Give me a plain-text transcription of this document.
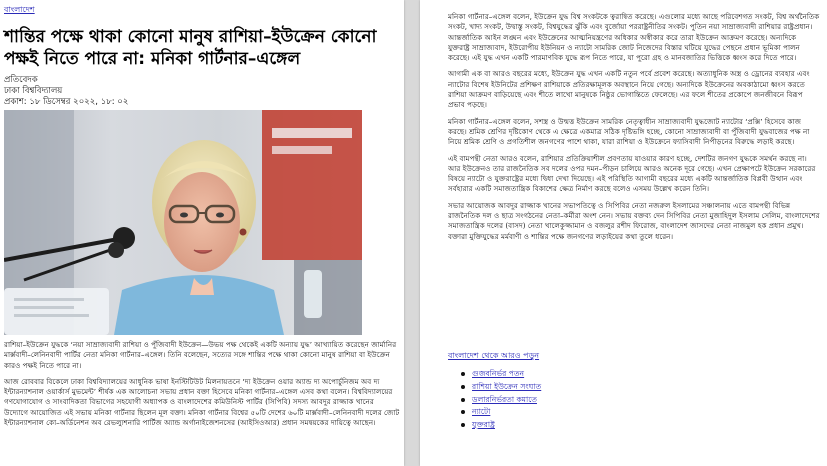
বাংলাদেশ
শান্তির পক্ষে থাকা কোনো মানুষ রাশিয়া–ইউক্রেন কোনো পক্ষই নিতে পারে না: মনিকা গার্টনার–এঙ্গেল
প্রতিবেদক
ঢাকা বিশ্ববিদ্যালয়
প্রকাশ: ১৮ ডিসেম্বর ২০২২, ১৮: ০২

রাশিয়া–ইউক্রেন যুদ্ধকে ‘নয়া সাম্রাজ্যবাদী রাশিয়া ও পুঁজিবাদী ইউক্রেন—উভয় পক্ষ থেকেই একটি অন্যায় যুদ্ধ’ আখ্যায়িত করেছেন জার্মানির মার্ক্সবাদী–লেনিনবাদী পার্টির নেতা মনিকা গার্টনার–এঙ্গেল। তিনি বলেছেন, সত্যের সঙ্গে শান্তির পক্ষে থাকা কোনো মানুষ রাশিয়া বা ইউক্রেন কারও পক্ষই নিতে পারে না।

আজ রোববার বিকেলে ঢাকা বিশ্ববিদ্যালয়ের আধুনিক ভাষা ইনস্টিটিউট মিলনায়তনে ‘দ্য ইউক্রেন ওয়ার অ্যান্ড দ্য অপোর্চুনিজম অব দ্য ইন্টারন্যাশনাল ওয়ার্কার্স মুভমেন্ট’ শীর্ষক এক আলোচনা সভায় প্রধান বক্তা হিসেবে মনিকা গার্টনার–এঙ্গেল এসব কথা বলেন। বিশ্ববিদ্যালয়ের গণযোগাযোগ ও সাংবাদিকতা বিভাগের সহযোগী অধ্যাপক ও বাংলাদেশের কমিউনিস্ট পার্টির (সিপিবি) সদস্য আবদুর রাজ্জাক খানের উদ্যোগে আয়োজিত এই সভায় মনিকা গার্টনার ছিলেন মূল বক্তা। মনিকা গার্টনার বিশ্বের ৫০টি দেশের ৬০টি মার্ক্সবাদী–লেনিনবাদী দলের জোট ইন্টারন্যাশনাল কো–অর্ডিনেশন অব রেভল্যুশনারি পার্টিজ অ্যান্ড অর্গানাইজেশনসের (আইসিওআর) প্রধান সমন্বয়কের দায়িত্বে আছেন।

মনিকা গার্টনার–এঙ্গেল বলেন, ইউক্রেন যুদ্ধ বিশ্ব সংকটকে ত্বরান্বিত করেছে। এগুলোর মধ্যে আছে পরিবেশগত সংকট, বিশ্ব অর্থনৈতিক সংকট, খাদ্য সংকট, উদ্বাস্তু সংকট, বিশ্বযুদ্ধের ঝুঁকি এবং বুর্জোয়া পররাষ্ট্রনীতির সংকট। পুতিন নয়া সাম্রাজ্যবাদী রাশিয়ার রাষ্ট্রপ্রধান। আন্তর্জাতিক আইন লঙ্ঘন এবং ইউক্রেনের আত্মনিয়ন্ত্রণের অধিকার অস্বীকার করে তারা ইউক্রেন আক্রমণ করেছে। অন্যদিকে যুক্তরাষ্ট্র সাম্রাজ্যবাদ, ইউরোপীয় ইউনিয়ন ও ন্যাটো সামরিক জোট নিজেদের বিস্তার ঘটিয়ে যুদ্ধের পেছনে প্রধান ভূমিকা পালন করেছে। এই যুদ্ধ এখন একটি পারমাণবিক যুদ্ধে রূপ নিতে পারে, যা পুরো গ্রহ ও মানবজাতির ভিত্তিকে ধ্বংস করে দিতে পারে।

আগামী এক বা আরও বছরের মধ্যে, ইউক্রেন যুদ্ধ এখন একটি নতুন পর্বে প্রবেশ করেছে। অত্যাধুনিক অস্ত্র ও ড্রোনের ব্যবহার এবং ন্যাটোর বিশেষ ইউনিটের প্রশিক্ষণ রাশিয়াকে প্রতিরক্ষামূলক অবস্থানে নিয়ে গেছে। অন্যদিকে ইউক্রেনের অবকাঠামো ধ্বংস করতে রাশিয়া আক্রমণ বাড়িয়েছে এবং শীতে লাখো মানুষকে নিষ্ঠুর ভোগান্তিতে ফেলেছে। এর ফলে শীতের প্রকোপে জনজীবনে বিরূপ প্রভাব পড়ছে।

মনিকা গার্টনার–এঙ্গেল বলেন, সশস্ত্র ও উন্মত্ত ইউক্রেন সামরিক নেতৃত্বাধীন সাম্রাজ্যবাদী যুদ্ধজোট ন্যাটোর ‘প্রক্সি’ হিসেবে কাজ করছে। শ্রমিক শ্রেণির দৃষ্টিকোণ থেকে এ ক্ষেত্রে একমাত্র সঠিক দৃষ্টিভঙ্গি হচ্ছে, কোনো সাম্রাজ্যবাদী বা পুঁজিবাদী যুদ্ধবাজের পক্ষ না নিয়ে শ্রমিক শ্রেণি ও প্রগতিশীল জনগণের পাশে থাকা, যারা রাশিয়া ও ইউক্রেনে ফ্যাসিবাদী নিপীড়নের বিরুদ্ধে লড়াই করছে।

এই বামপন্থী নেতা আরও বলেন, রাশিয়ার প্রতিক্রিয়াশীল প্রবণতায় যাওয়ার কারণ হচ্ছে, দেশটির জনগণ যুদ্ধকে সমর্থন করছে না। আর ইউক্রেনও তার রাজনৈতিক সব দলের ওপর দমন–পীড়ন চালিয়ে আরও অনেক দূরে গেছে। এখন প্রেক্ষাপটে ইউক্রেন সরকারের বিষয়ে ন্যাটো ও যুক্তরাষ্ট্রের মধ্যে দ্বিধা দেখা দিয়েছে। এই পরিস্থিতি আগামী বছরের মধ্যে একটি আন্তর্জাতিক বিপ্লবী উত্থান এবং সর্বহারার একটি সমাজতান্ত্রিক বিকাশের ক্ষেত্র নির্মাণ করছে বলেও এসময় উল্লেখ করেন তিনি।

সভার আয়োজক আবদুর রাজ্জাক খানের সভাপতিত্বে ও সিপিবির নেতা নজরুল ইসলামের সঞ্চালনায় এতে বামপন্থী বিভিন্ন রাজনৈতিক দল ও ছাত্র সংগঠনের নেতা–কর্মীরা অংশ নেন। সভায় বক্তব্য দেন সিপিবির নেতা মুজাহিদুল ইসলাম সেলিম, বাংলাদেশের সমাজতান্ত্রিক দলের (বাসদ) নেতা খালেকুজ্জামান ও বজলুর রশীদ ফিরোজ, বাংলাদেশ জাসদের নেতা নাজমুল হক প্রধান প্রমুখ। বক্তারা মুক্তিযুদ্ধের মর্মবাণী ও শান্তির পক্ষে জনগণের লড়াইয়ের কথা তুলে ধরেন।

বাংলাদেশ থেকে আরও পড়ুন
গুজবনির্ভর পতন
রাশিয়া ইউক্রেন সংঘাত
ডলারনির্ভরতা কমাতে
ন্যাটো
যুক্তরাষ্ট্র
